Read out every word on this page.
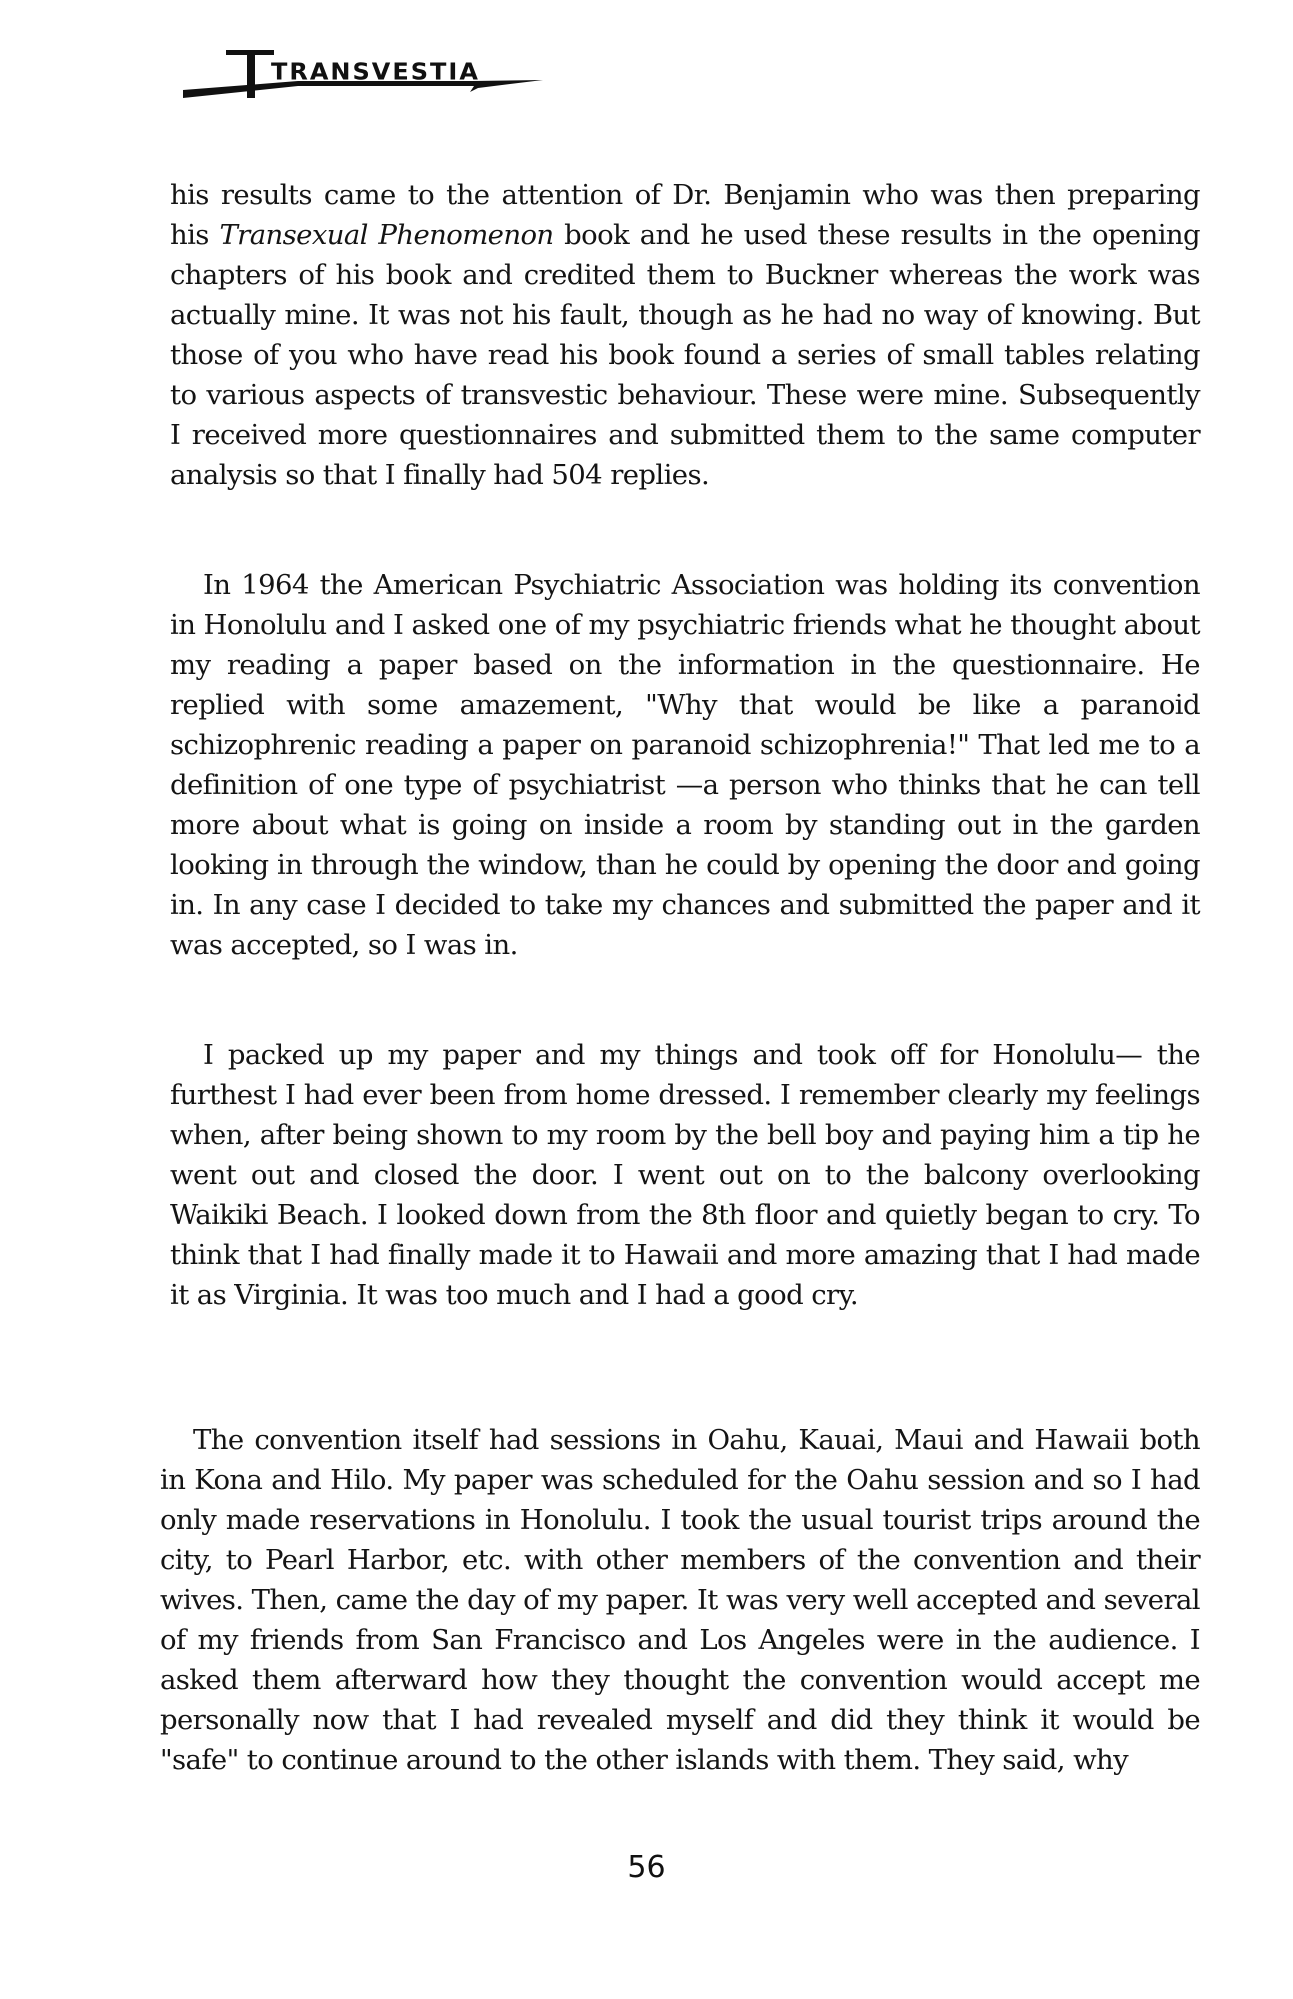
TRANSVESTIA

his results came to the attention of Dr. Benjamin who was then preparing his Transexual Phenomenon book and he used these results in the opening chapters of his book and credited them to Buckner whereas the work was actually mine. It was not his fault, though as he had no way of knowing. But those of you who have read his book found a series of small tables relating to various aspects of transvestic behaviour. These were mine. Subsequently I received more questionnaires and submitted them to the same computer analysis so that I finally had 504 replies.

In 1964 the American Psychiatric Association was holding its convention in Honolulu and I asked one of my psychiatric friends what he thought about my reading a paper based on the information in the questionnaire. He replied with some amazement, "Why that would be like a paranoid schizophrenic reading a paper on paranoid schizophrenia!" That led me to a definition of one type of psychiatrist —a person who thinks that he can tell more about what is going on inside a room by standing out in the garden looking in through the window, than he could by opening the door and going in. In any case I decided to take my chances and submitted the paper and it was accepted, so I was in.

I packed up my paper and my things and took off for Honolulu— the furthest I had ever been from home dressed. I remember clearly my feelings when, after being shown to my room by the bell boy and paying him a tip he went out and closed the door. I went out on to the balcony overlooking Waikiki Beach. I looked down from the 8th floor and quietly began to cry. To think that I had finally made it to Hawaii and more amazing that I had made it as Virginia. It was too much and I had a good cry.

The convention itself had sessions in Oahu, Kauai, Maui and Hawaii both in Kona and Hilo. My paper was scheduled for the Oahu session and so I had only made reservations in Honolulu. I took the usual tourist trips around the city, to Pearl Harbor, etc. with other members of the convention and their wives. Then, came the day of my paper. It was very well accepted and several of my friends from San Francisco and Los Angeles were in the audience. I asked them afterward how they thought the convention would accept me personally now that I had revealed myself and did they think it would be "safe" to continue around to the other islands with them. They said, why

56
